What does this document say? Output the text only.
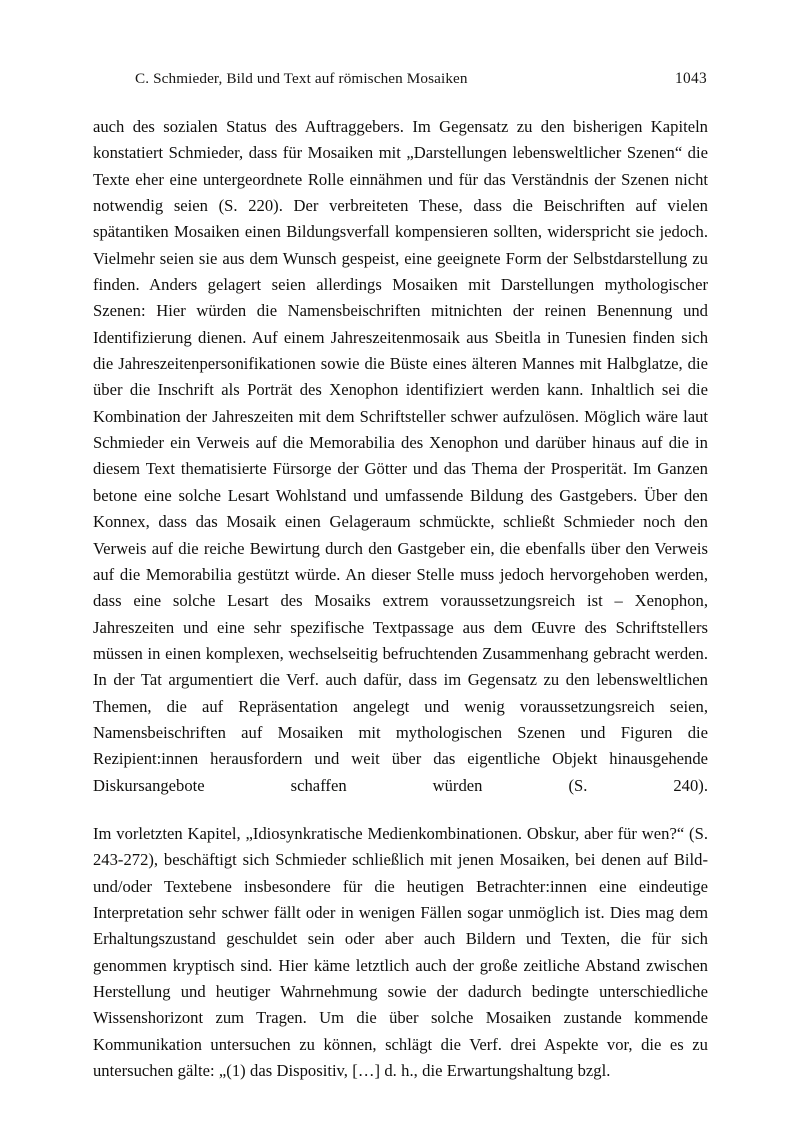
C. Schmieder, Bild und Text auf römischen Mosaiken	1043

auch des sozialen Status des Auftraggebers. Im Gegensatz zu den bisherigen Kapiteln konstatiert Schmieder, dass für Mosaiken mit „Darstellungen lebensweltlicher Szenen“ die Texte eher eine untergeordnete Rolle einnähmen und für das Verständnis der Szenen nicht notwendig seien (S. 220). Der verbreiteten These, dass die Beischriften auf vielen spätantiken Mosaiken einen Bildungsverfall kompensieren sollten, widerspricht sie jedoch. Vielmehr seien sie aus dem Wunsch gespeist, eine geeignete Form der Selbstdarstellung zu finden. Anders gelagert seien allerdings Mosaiken mit Darstellungen mythologischer Szenen: Hier würden die Namensbeischriften mitnichten der reinen Benennung und Identifizierung dienen. Auf einem Jahreszeitenmosaik aus Sbeitla in Tunesien finden sich die Jahreszeitenpersonifikationen sowie die Büste eines älteren Mannes mit Halbglatze, die über die Inschrift als Porträt des Xenophon identifiziert werden kann. Inhaltlich sei die Kombination der Jahreszeiten mit dem Schriftsteller schwer aufzulösen. Möglich wäre laut Schmieder ein Verweis auf die Memorabilia des Xenophon und darüber hinaus auf die in diesem Text thematisierte Fürsorge der Götter und das Thema der Prosperität. Im Ganzen betone eine solche Lesart Wohlstand und umfassende Bildung des Gastgebers. Über den Konnex, dass das Mosaik einen Gelageraum schmückte, schließt Schmieder noch den Verweis auf die reiche Bewirtung durch den Gastgeber ein, die ebenfalls über den Verweis auf die Memorabilia gestützt würde. An dieser Stelle muss jedoch hervorgehoben werden, dass eine solche Lesart des Mosaiks extrem voraussetzungsreich ist – Xenophon, Jahreszeiten und eine sehr spezifische Textpassage aus dem Œuvre des Schriftstellers müssen in einen komplexen, wechselseitig befruchtenden Zusammenhang gebracht werden. In der Tat argumentiert die Verf. auch dafür, dass im Gegensatz zu den lebensweltlichen Themen, die auf Repräsentation angelegt und wenig voraussetzungsreich seien, Namensbeischriften auf Mosaiken mit mythologischen Szenen und Figuren die Rezipient:innen herausfordern und weit über das eigentliche Objekt hinausgehende Diskursangebote schaffen würden (S. 240).

Im vorletzten Kapitel, „Idiosynkratische Medienkombinationen. Obskur, aber für wen?“ (S. 243-272), beschäftigt sich Schmieder schließlich mit jenen Mosaiken, bei denen auf Bild- und/oder Textebene insbesondere für die heutigen Betrachter:innen eine eindeutige Interpretation sehr schwer fällt oder in wenigen Fällen sogar unmöglich ist. Dies mag dem Erhaltungszustand geschuldet sein oder aber auch Bildern und Texten, die für sich genommen kryptisch sind. Hier käme letztlich auch der große zeitliche Abstand zwischen Herstellung und heutiger Wahrnehmung sowie der dadurch bedingte unterschiedliche Wissenshorizont zum Tragen. Um die über solche Mosaiken zustande kommende Kommunikation untersuchen zu können, schlägt die Verf. drei Aspekte vor, die es zu untersuchen gälte: „(1) das Dispositiv, […] d. h., die Erwartungshaltung bzgl.
